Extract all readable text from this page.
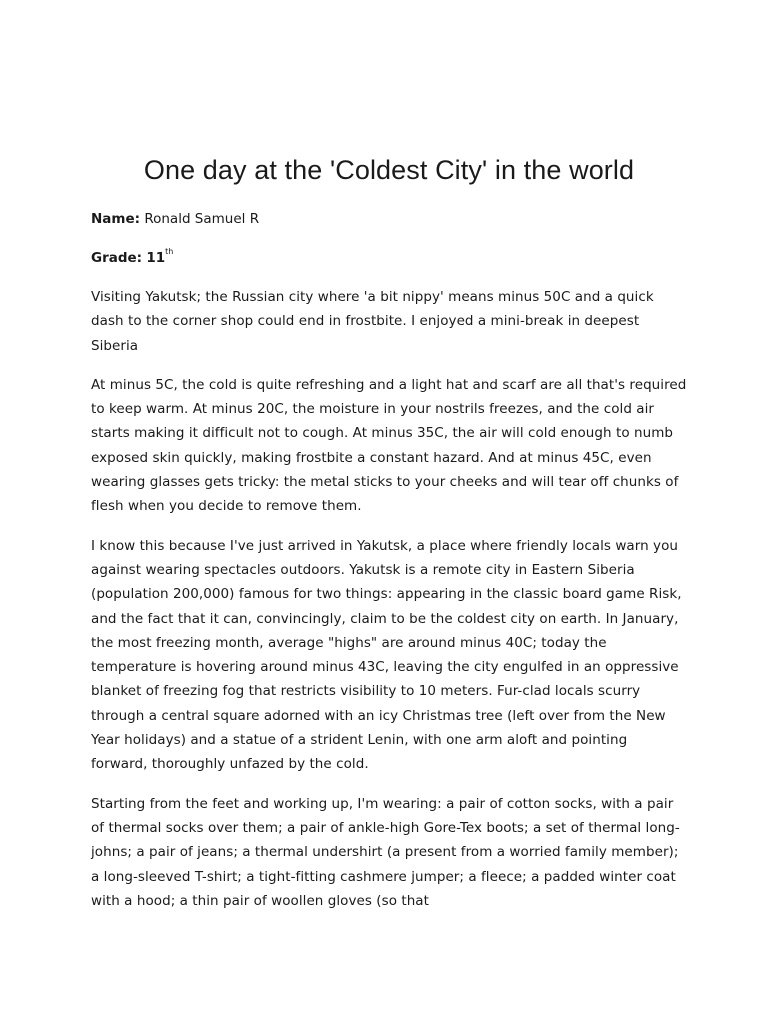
One day at the 'Coldest City' in the world

Name: Ronald Samuel R

Grade: 11th

Visiting Yakutsk; the Russian city where 'a bit nippy' means minus 50C and a quick dash to the corner shop could end in frostbite. I enjoyed a mini-break in deepest Siberia

At minus 5C, the cold is quite refreshing and a light hat and scarf are all that's required to keep warm. At minus 20C, the moisture in your nostrils freezes, and the cold air starts making it difficult not to cough. At minus 35C, the air will cold enough to numb exposed skin quickly, making frostbite a constant hazard. And at minus 45C, even wearing glasses gets tricky: the metal sticks to your cheeks and will tear off chunks of flesh when you decide to remove them.

I know this because I've just arrived in Yakutsk, a place where friendly locals warn you against wearing spectacles outdoors. Yakutsk is a remote city in Eastern Siberia (population 200,000) famous for two things: appearing in the classic board game Risk, and the fact that it can, convincingly, claim to be the coldest city on earth. In January, the most freezing month, average "highs" are around minus 40C; today the temperature is hovering around minus 43C, leaving the city engulfed in an oppressive blanket of freezing fog that restricts visibility to 10 meters. Fur-clad locals scurry through a central square adorned with an icy Christmas tree (left over from the New Year holidays) and a statue of a strident Lenin, with one arm aloft and pointing forward, thoroughly unfazed by the cold.

Starting from the feet and working up, I'm wearing: a pair of cotton socks, with a pair of thermal socks over them; a pair of ankle-high Gore-Tex boots; a set of thermal long-johns; a pair of jeans; a thermal undershirt (a present from a worried family member); a long-sleeved T-shirt; a tight-fitting cashmere jumper; a fleece; a padded winter coat with a hood; a thin pair of woollen gloves (so that
